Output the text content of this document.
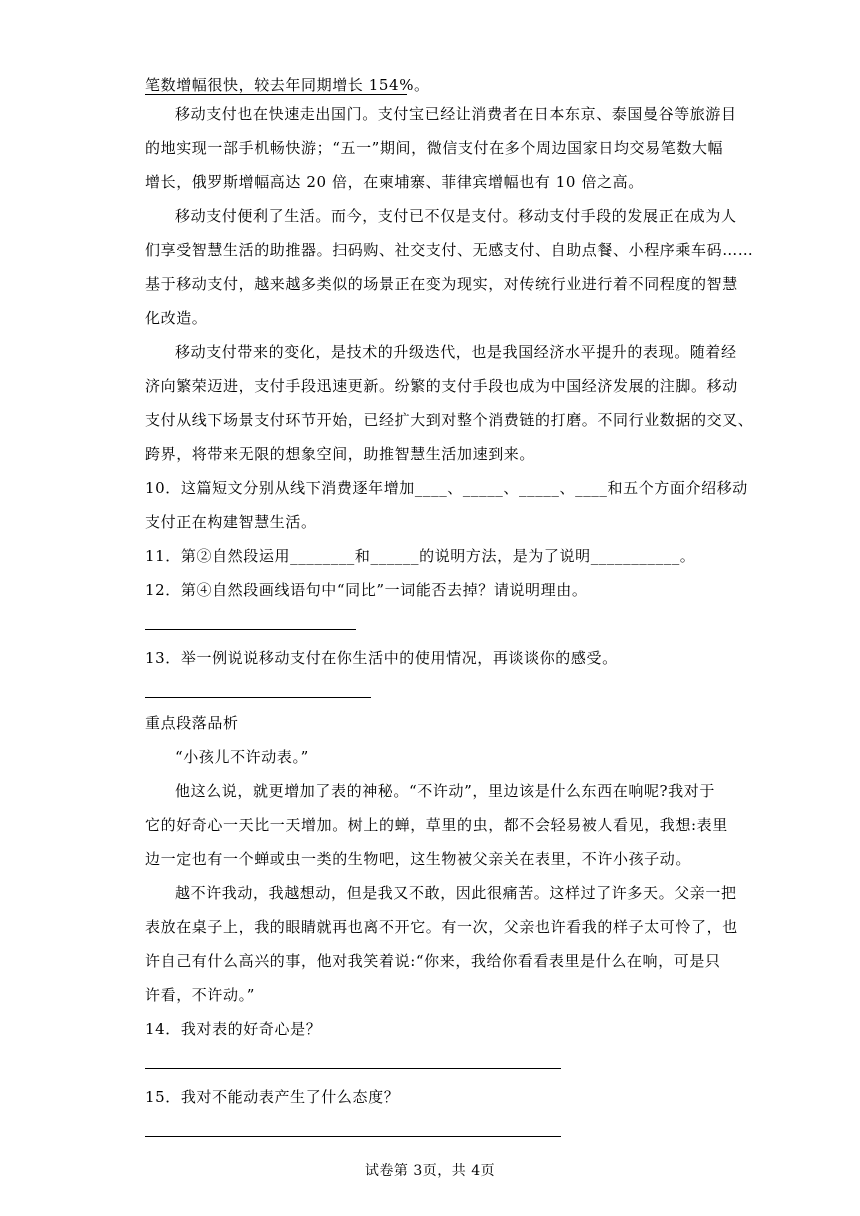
笔数增幅很快，较去年同期增长 154%。
移动支付也在快速走出国门。支付宝已经让消费者在日本东京、泰国曼谷等旅游目
的地实现一部手机畅快游；“五一”期间，微信支付在多个周边国家日均交易笔数大幅
增长，俄罗斯增幅高达 20 倍，在柬埔寨、菲律宾增幅也有 10 倍之高。
移动支付便利了生活。而今，支付已不仅是支付。移动支付手段的发展正在成为人
们享受智慧生活的助推器。扫码购、社交支付、无感支付、自助点餐、小程序乘车码……
基于移动支付，越来越多类似的场景正在变为现实，对传统行业进行着不同程度的智慧
化改造。
移动支付带来的变化，是技术的升级迭代，也是我国经济水平提升的表现。随着经
济向繁荣迈进，支付手段迅速更新。纷繁的支付手段也成为中国经济发展的注脚。移动
支付从线下场景支付环节开始，已经扩大到对整个消费链的打磨。不同行业数据的交叉、
跨界，将带来无限的想象空间，助推智慧生活加速到来。
10．这篇短文分别从线下消费逐年增加____、_____、_____、____和五个方面介绍移动
支付正在构建智慧生活。
11．第②自然段运用________和______的说明方法，是为了说明___________。
12．第④自然段画线语句中“同比”一词能否去掉？请说明理由。
13．举一例说说移动支付在你生活中的使用情况，再谈谈你的感受。
重点段落品析
“小孩儿不许动表。”
他这么说，就更增加了表的神秘。“不许动”，里边该是什么东西在响呢?我对于
它的好奇心一天比一天增加。树上的蝉，草里的虫，都不会轻易被人看见，我想:表里
边一定也有一个蝉或虫一类的生物吧，这生物被父亲关在表里，不许小孩子动。
越不许我动，我越想动，但是我又不敢，因此很痛苦。这样过了许多天。父亲一把
表放在桌子上，我的眼睛就再也离不开它。有一次，父亲也许看我的样子太可怜了，也
许自己有什么高兴的事，他对我笑着说:“你来，我给你看看表里是什么在响，可是只
许看，不许动。”
14．我对表的好奇心是？
15．我对不能动表产生了什么态度？
试卷第 3页，共 4页
